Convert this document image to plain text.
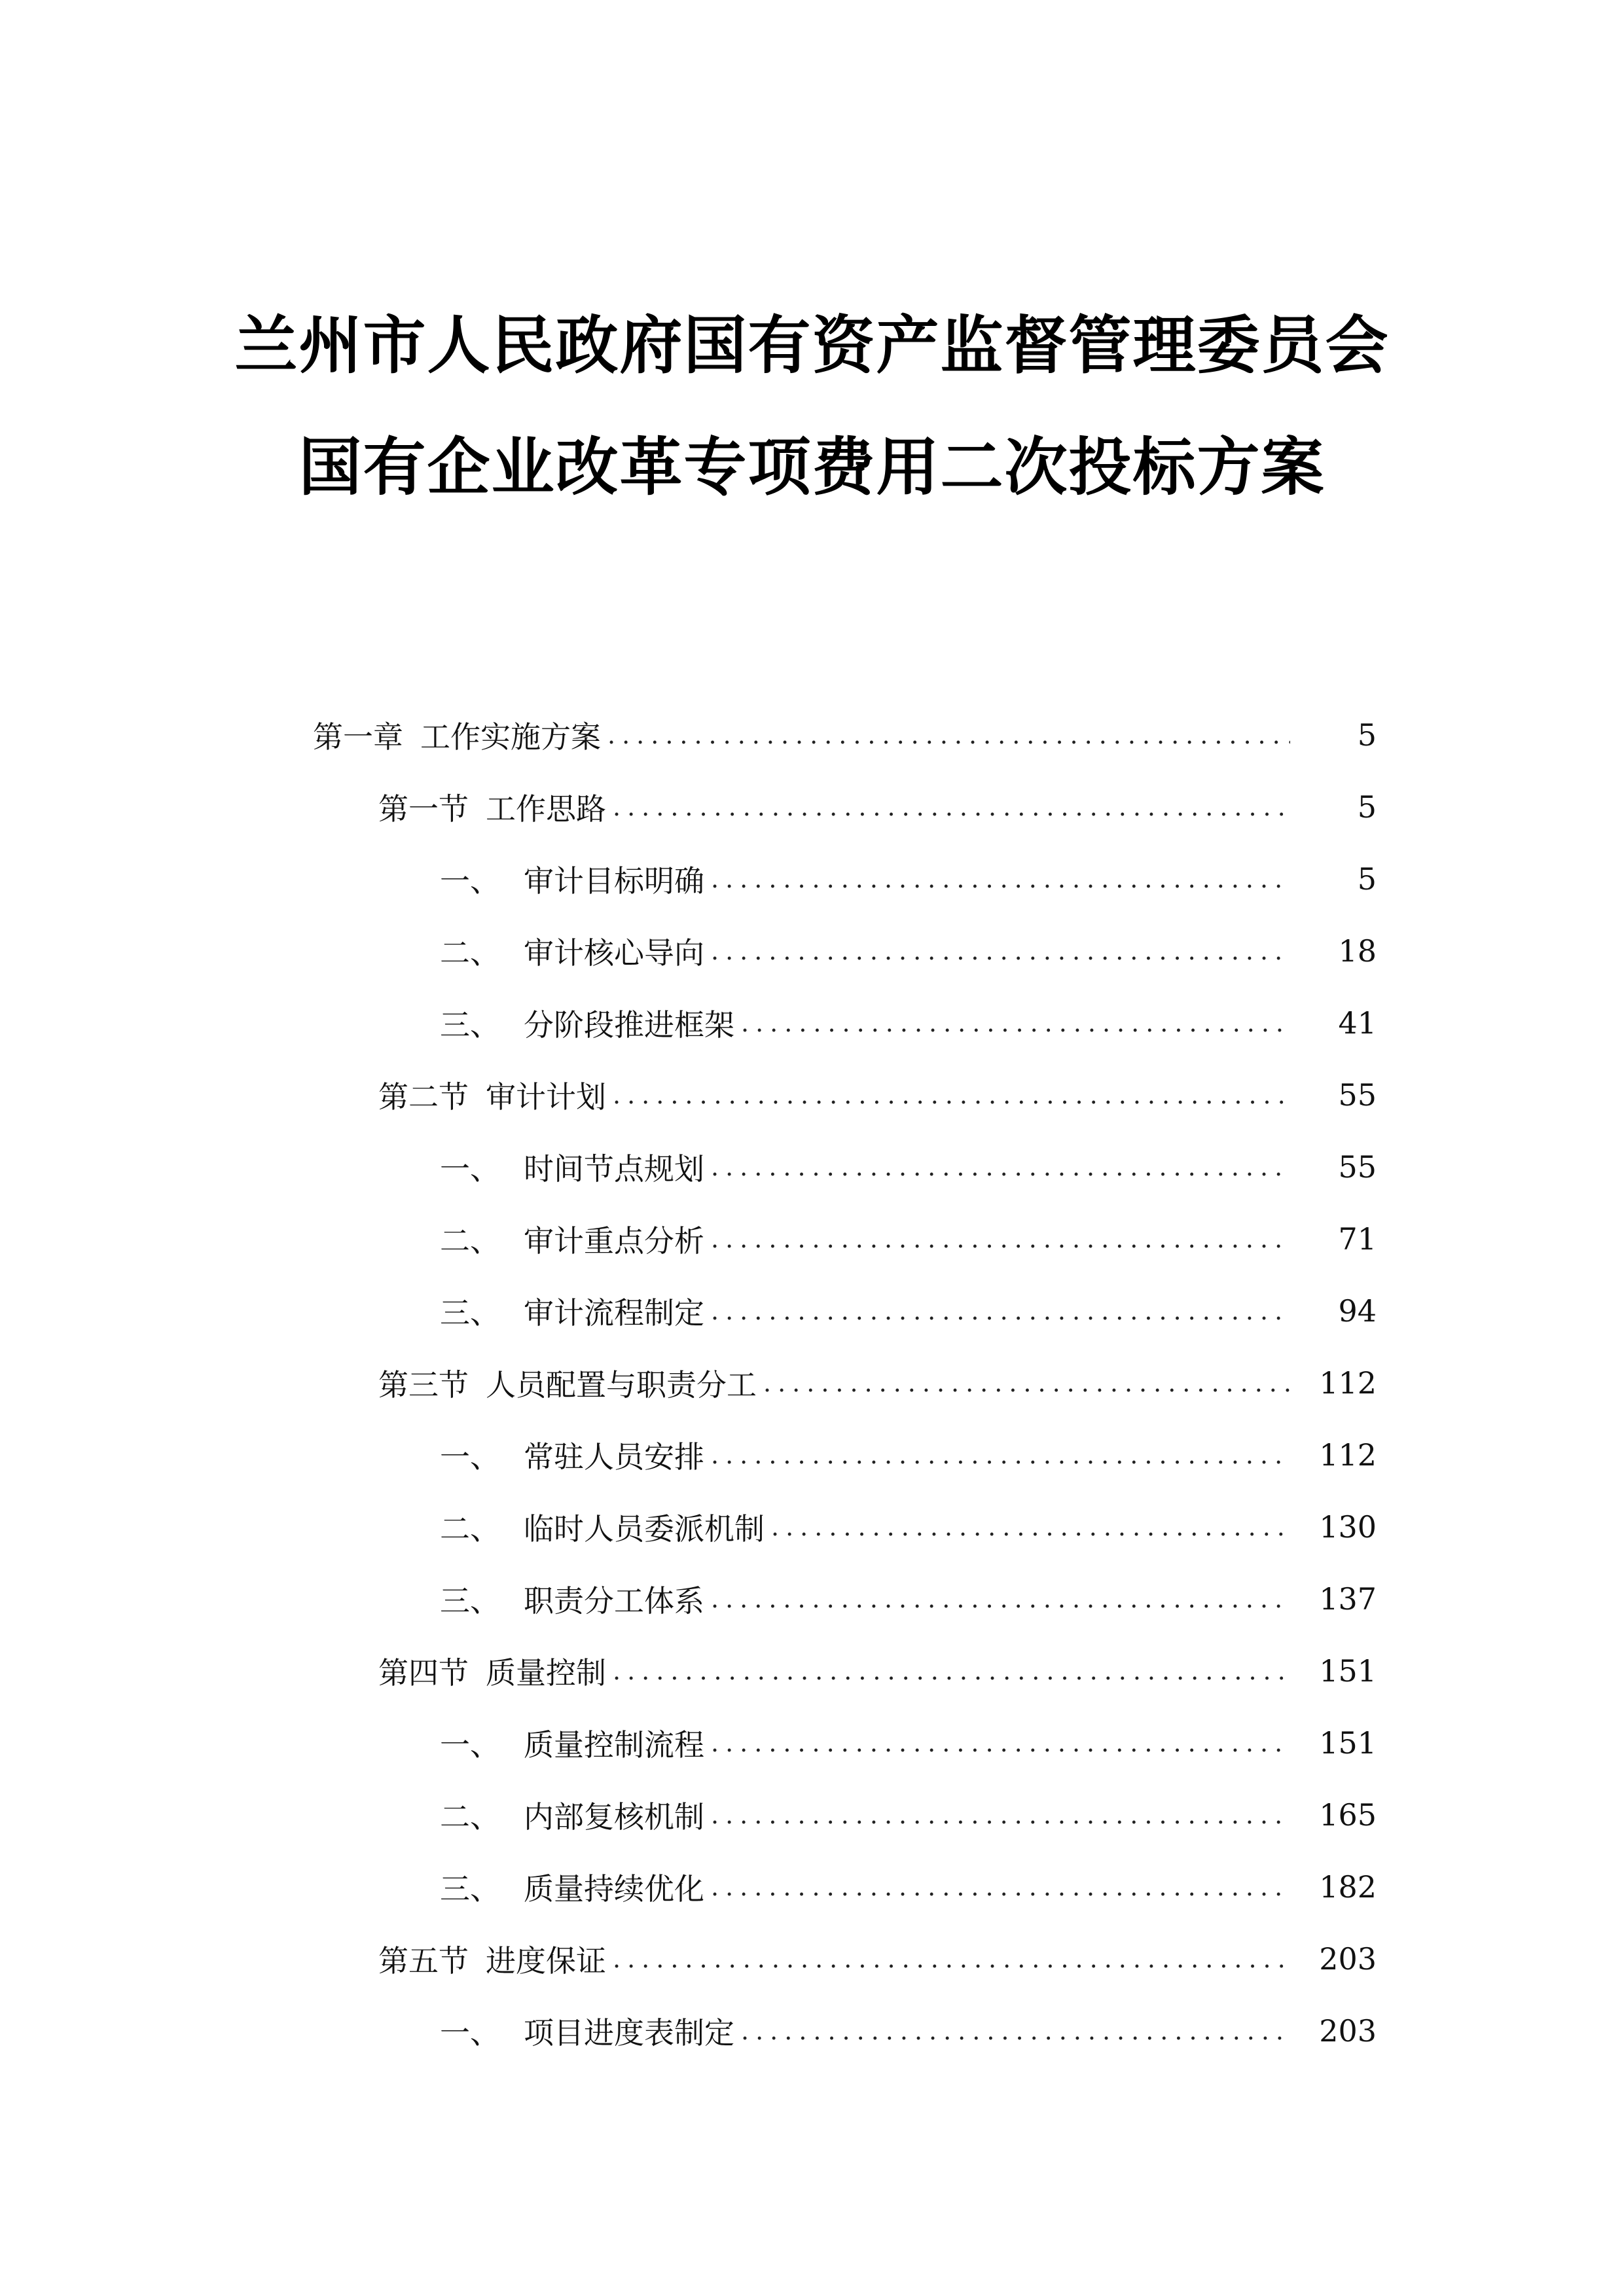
兰州市人民政府国有资产监督管理委员会
国有企业改革专项费用二次投标方案
第一章 工作实施方案 .....	5
第一节 工作思路 .....	5
一、 审计目标明确 .....	5
二、 审计核心导向 .....	18
三、 分阶段推进框架 .....	41
第二节 审计计划 .....	55
一、 时间节点规划 .....	55
二、 审计重点分析 .....	71
三、 审计流程制定 .....	94
第三节 人员配置与职责分工 .....	112
一、 常驻人员安排 .....	112
二、 临时人员委派机制 .....	130
三、 职责分工体系 .....	137
第四节 质量控制 .....	151
一、 质量控制流程 .....	151
二、 内部复核机制 .....	165
三、 质量持续优化 .....	182
第五节 进度保证 .....	203
一、 项目进度表制定 .....	203
